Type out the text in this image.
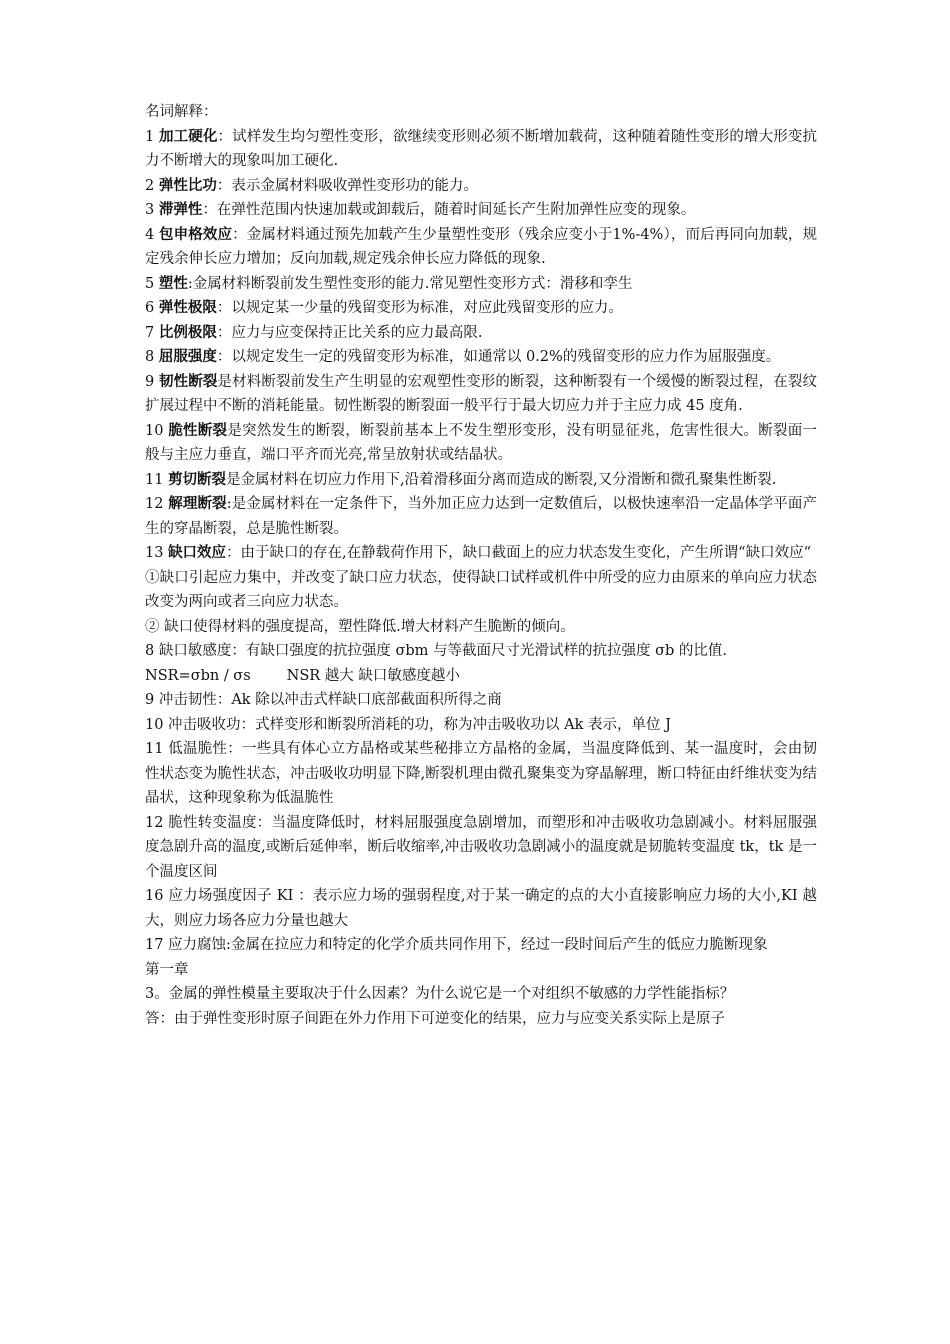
名词解释：

1 加工硬化：试样发生均匀塑性变形，欲继续变形则必须不断增加载荷，这种随着随性变形的增大形变抗力不断增大的现象叫加工硬化.

2 弹性比功：表示金属材料吸收弹性变形功的能力。

3 滞弹性：在弹性范围内快速加载或卸载后，随着时间延长产生附加弹性应变的现象。

4 包申格效应：金属材料通过预先加载产生少量塑性变形（残余应变小于1%-4%），而后再同向加载，规定残余伸长应力增加；反向加载,规定残余伸长应力降低的现象.

5 塑性:金属材料断裂前发生塑性变形的能力.常见塑性变形方式：滑移和孪生

6 弹性极限：以规定某一少量的残留变形为标准，对应此残留变形的应力。

7 比例极限：应力与应变保持正比关系的应力最高限.

8 屈服强度：以规定发生一定的残留变形为标准，如通常以 0.2%的残留变形的应力作为屈服强度。

9 韧性断裂是材料断裂前发生产生明显的宏观塑性变形的断裂，这种断裂有一个缓慢的断裂过程，在裂纹扩展过程中不断的消耗能量。韧性断裂的断裂面一般平行于最大切应力并于主应力成 45 度角.

10 脆性断裂是突然发生的断裂，断裂前基本上不发生塑形变形，没有明显征兆，危害性很大。断裂面一般与主应力垂直，端口平齐而光亮,常呈放射状或结晶状。

11 剪切断裂是金属材料在切应力作用下,沿着滑移面分离而造成的断裂,又分滑断和微孔聚集性断裂.

12 解理断裂:是金属材料在一定条件下，当外加正应力达到一定数值后，以极快速率沿一定晶体学平面产生的穿晶断裂，总是脆性断裂。

13 缺口效应：由于缺口的存在,在静载荷作用下，缺口截面上的应力状态发生变化，产生所谓“缺口效应“

①缺口引起应力集中，并改变了缺口应力状态，使得缺口试样或机件中所受的应力由原来的单向应力状态改变为两向或者三向应力状态。

② 缺口使得材料的强度提高，塑性降低.增大材料产生脆断的倾向。

8 缺口敏感度：有缺口强度的抗拉强度 σbm 与等截面尺寸光滑试样的抗拉强度 σb 的比值.

NSR=σbn / σs NSR 越大 缺口敏感度越小

9 冲击韧性：Ak 除以冲击式样缺口底部截面积所得之商

10 冲击吸收功：式样变形和断裂所消耗的功，称为冲击吸收功以 Ak 表示，单位 J

11 低温脆性：一些具有体心立方晶格或某些秘排立方晶格的金属，当温度降低到、某一温度时，会由韧性状态变为脆性状态，冲击吸收功明显下降,断裂机理由微孔聚集变为穿晶解理，断口特征由纤维状变为结晶状，这种现象称为低温脆性

12 脆性转变温度：当温度降低时，材料屈服强度急剧增加，而塑形和冲击吸收功急剧减小。材料屈服强度急剧升高的温度,或断后延伸率，断后收缩率,冲击吸收功急剧减小的温度就是韧脆转变温度 tk，tk 是一个温度区间

16 应力场强度因子 KI ：表示应力场的强弱程度,对于某一确定的点的大小直接影响应力场的大小,KI 越大，则应力场各应力分量也越大

17 应力腐蚀:金属在拉应力和特定的化学介质共同作用下，经过一段时间后产生的低应力脆断现象

第一章

3。金属的弹性模量主要取决于什么因素？为什么说它是一个对组织不敏感的力学性能指标？

答：由于弹性变形时原子间距在外力作用下可逆变化的结果，应力与应变关系实际上是原子
